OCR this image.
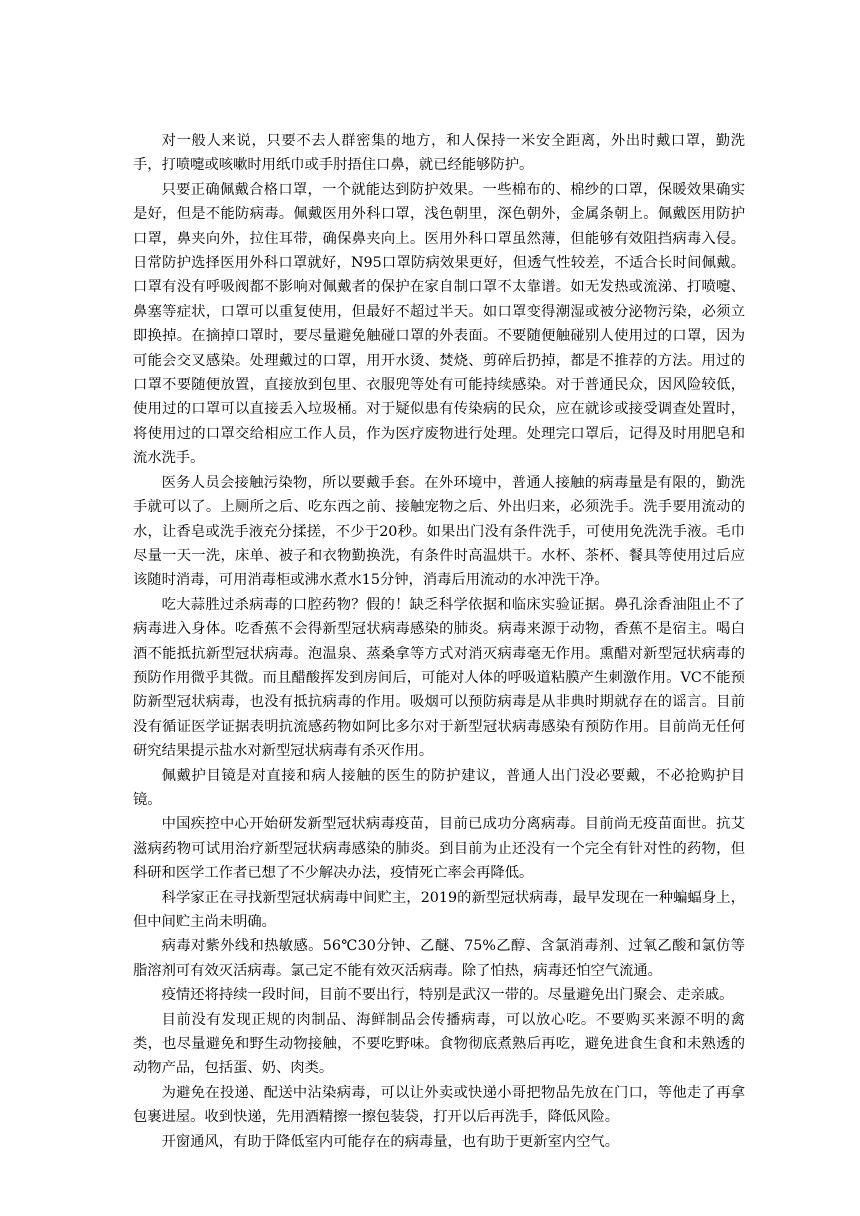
对一般人来说，只要不去人群密集的地方，和人保持一米安全距离，外出时戴口罩，勤洗手，打喷嚏或咳嗽时用纸巾或手肘捂住口鼻，就已经能够防护。

只要正确佩戴合格口罩，一个就能达到防护效果。一些棉布的、棉纱的口罩，保暖效果确实是好，但是不能防病毒。佩戴医用外科口罩，浅色朝里，深色朝外，金属条朝上。佩戴医用防护口罩，鼻夹向外，拉住耳带，确保鼻夹向上。医用外科口罩虽然薄，但能够有效阻挡病毒入侵。日常防护选择医用外科口罩就好，N95口罩防病效果更好，但透气性较差，不适合长时间佩戴。口罩有没有呼吸阀都不影响对佩戴者的保护在家自制口罩不太靠谱。如无发热或流涕、打喷嚏、鼻塞等症状，口罩可以重复使用，但最好不超过半天。如口罩变得潮湿或被分泌物污染，必须立即换掉。在摘掉口罩时，要尽量避免触碰口罩的外表面。不要随便触碰别人使用过的口罩，因为可能会交叉感染。处理戴过的口罩，用开水烫、焚烧、剪碎后扔掉，都是不推荐的方法。用过的口罩不要随便放置，直接放到包里、衣服兜等处有可能持续感染。对于普通民众，因风险较低，使用过的口罩可以直接丢入垃圾桶。对于疑似患有传染病的民众，应在就诊或接受调查处置时，将使用过的口罩交给相应工作人员，作为医疗废物进行处理。处理完口罩后，记得及时用肥皂和流水洗手。

医务人员会接触污染物，所以要戴手套。在外环境中，普通人接触的病毒量是有限的，勤洗手就可以了。上厕所之后、吃东西之前、接触宠物之后、外出归来，必须洗手。洗手要用流动的水，让香皂或洗手液充分揉搓，不少于20秒。如果出门没有条件洗手，可使用免洗洗手液。毛巾尽量一天一洗，床单、被子和衣物勤换洗，有条件时高温烘干。水杯、茶杯、餐具等使用过后应该随时消毒，可用消毒柜或沸水煮水15分钟，消毒后用流动的水冲洗干净。

吃大蒜胜过杀病毒的口腔药物？假的！缺乏科学依据和临床实验证据。鼻孔涂香油阻止不了病毒进入身体。吃香蕉不会得新型冠状病毒感染的肺炎。病毒来源于动物，香蕉不是宿主。喝白酒不能抵抗新型冠状病毒。泡温泉、蒸桑拿等方式对消灭病毒毫无作用。熏醋对新型冠状病毒的预防作用微乎其微。而且醋酸挥发到房间后，可能对人体的呼吸道粘膜产生刺激作用。VC不能预防新型冠状病毒，也没有抵抗病毒的作用。吸烟可以预防病毒是从非典时期就存在的谣言。目前没有循证医学证据表明抗流感药物如阿比多尔对于新型冠状病毒感染有预防作用。目前尚无任何研究结果提示盐水对新型冠状病毒有杀灭作用。

佩戴护目镜是对直接和病人接触的医生的防护建议，普通人出门没必要戴，不必抢购护目镜。

中国疾控中心开始研发新型冠状病毒疫苗，目前已成功分离病毒。目前尚无疫苗面世。抗艾滋病药物可试用治疗新型冠状病毒感染的肺炎。到目前为止还没有一个完全有针对性的药物，但科研和医学工作者已想了不少解决办法，疫情死亡率会再降低。

科学家正在寻找新型冠状病毒中间贮主，2019的新型冠状病毒，最早发现在一种蝙蝠身上，但中间贮主尚未明确。

病毒对紫外线和热敏感。56℃30分钟、乙醚、75%乙醇、含氯消毒剂、过氧乙酸和氯仿等脂溶剂可有效灭活病毒。氯己定不能有效灭活病毒。除了怕热，病毒还怕空气流通。

疫情还将持续一段时间，目前不要出行，特别是武汉一带的。尽量避免出门聚会、走亲戚。

目前没有发现正规的肉制品、海鲜制品会传播病毒，可以放心吃。不要购买来源不明的禽类，也尽量避免和野生动物接触，不要吃野味。食物彻底煮熟后再吃，避免进食生食和未熟透的动物产品，包括蛋、奶、肉类。

为避免在投递、配送中沾染病毒，可以让外卖或快递小哥把物品先放在门口，等他走了再拿包裹进屋。收到快递，先用酒精擦一擦包装袋，打开以后再洗手，降低风险。

开窗通风，有助于降低室内可能存在的病毒量，也有助于更新室内空气。
